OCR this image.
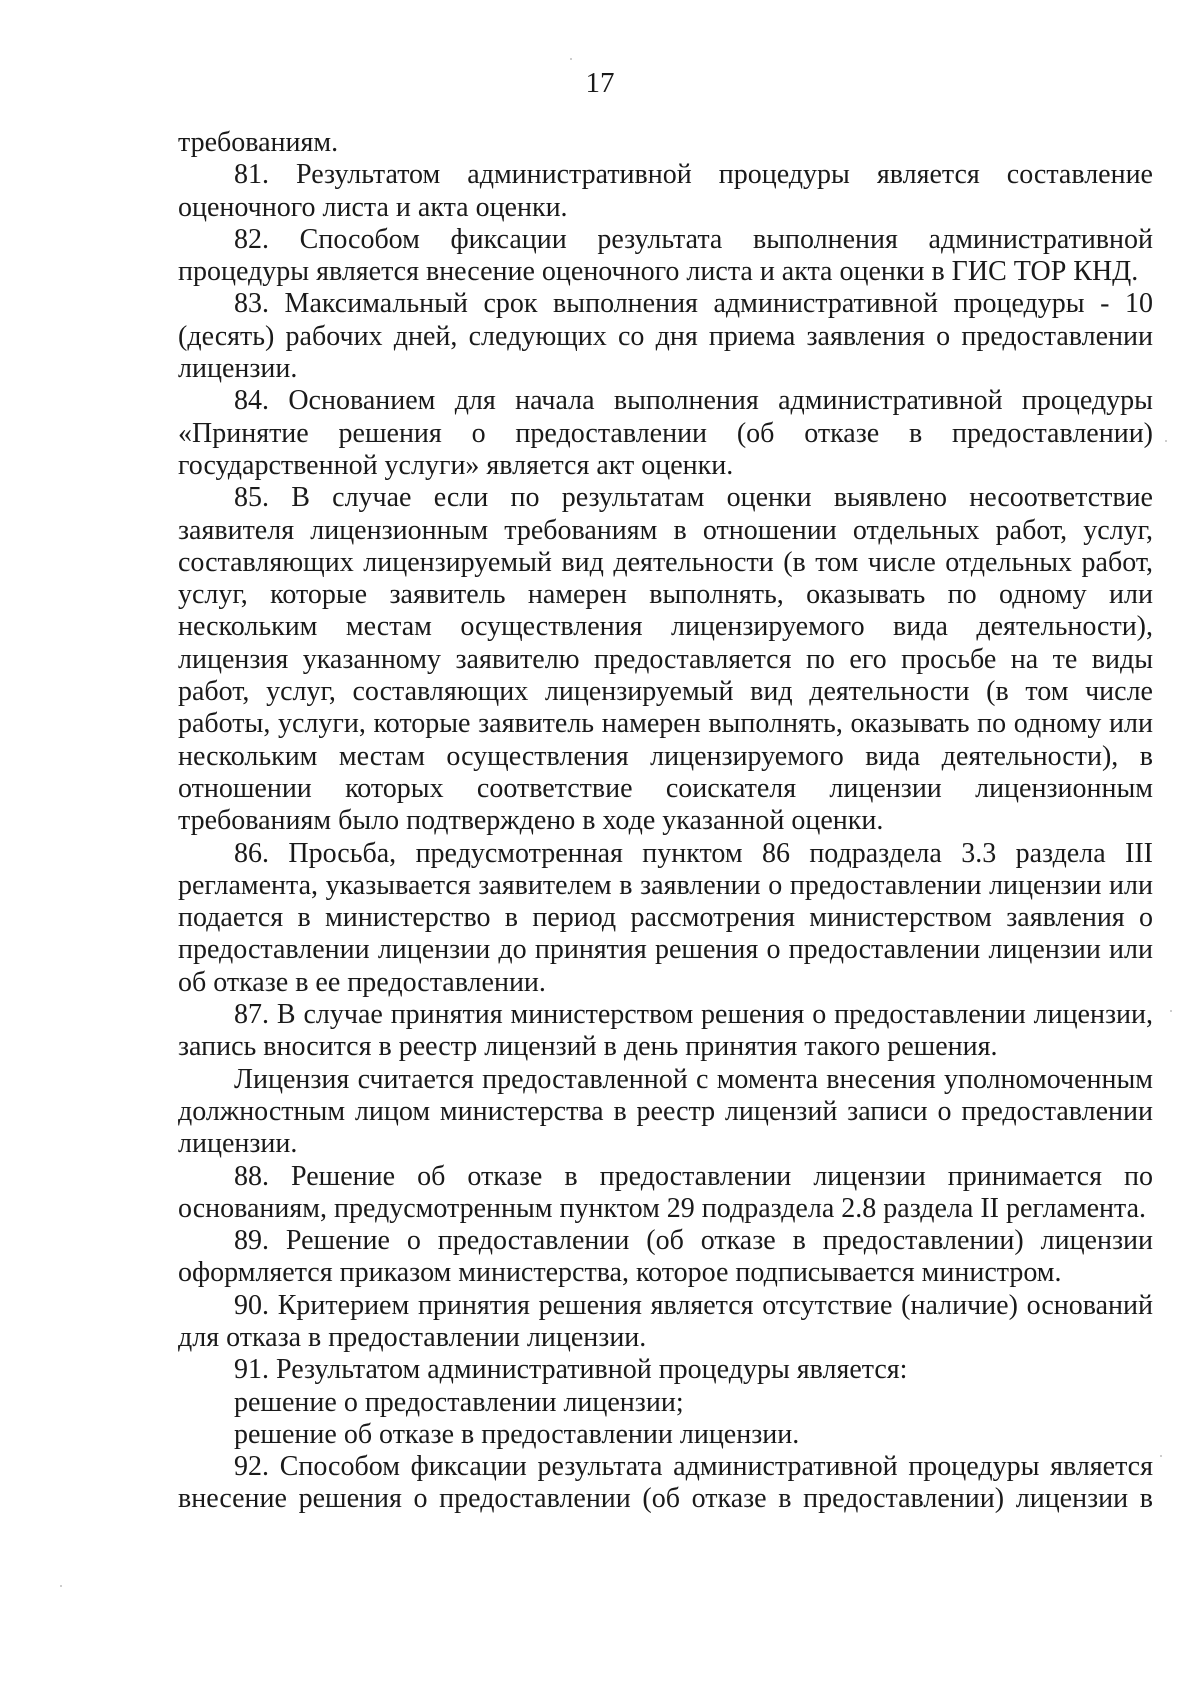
17

требованиям.

81. Результатом административной процедуры является составление оценочного листа и акта оценки.

82. Способом фиксации результата выполнения административной процедуры является внесение оценочного листа и акта оценки в ГИС ТОР КНД.

83. Максимальный срок выполнения административной процедуры - 10 (десять) рабочих дней, следующих со дня приема заявления о предоставлении лицензии.

84. Основанием для начала выполнения административной процедуры «Принятие решения о предоставлении (об отказе в предоставлении) государственной услуги» является акт оценки.

85. В случае если по результатам оценки выявлено несоответствие заявителя лицензионным требованиям в отношении отдельных работ, услуг, составляющих лицензируемый вид деятельности (в том числе отдельных работ, услуг, которые заявитель намерен выполнять, оказывать по одному или нескольким местам осуществления лицензируемого вида деятельности), лицензия указанному заявителю предоставляется по его просьбе на те виды работ, услуг, составляющих лицензируемый вид деятельности (в том числе работы, услуги, которые заявитель намерен выполнять, оказывать по одному или нескольким местам осуществления лицензируемого вида деятельности), в отношении которых соответствие соискателя лицензии лицензионным требованиям было подтверждено в ходе указанной оценки.

86. Просьба, предусмотренная пунктом 86 подраздела 3.3 раздела III регламента, указывается заявителем в заявлении о предоставлении лицензии или подается в министерство в период рассмотрения министерством заявления о предоставлении лицензии до принятия решения о предоставлении лицензии или об отказе в ее предоставлении.

87. В случае принятия министерством решения о предоставлении лицензии, запись вносится в реестр лицензий в день принятия такого решения.

Лицензия считается предоставленной с момента внесения уполномоченным должностным лицом министерства в реестр лицензий записи о предоставлении лицензии.

88. Решение об отказе в предоставлении лицензии принимается по основаниям, предусмотренным пунктом 29 подраздела 2.8 раздела II регламента.

89. Решение о предоставлении (об отказе в предоставлении) лицензии оформляется приказом министерства, которое подписывается министром.

90. Критерием принятия решения является отсутствие (наличие) оснований для отказа в предоставлении лицензии.

91. Результатом административной процедуры является:

решение о предоставлении лицензии;

решение об отказе в предоставлении лицензии.

92. Способом фиксации результата административной процедуры является внесение решения о предоставлении (об отказе в предоставлении) лицензии в
